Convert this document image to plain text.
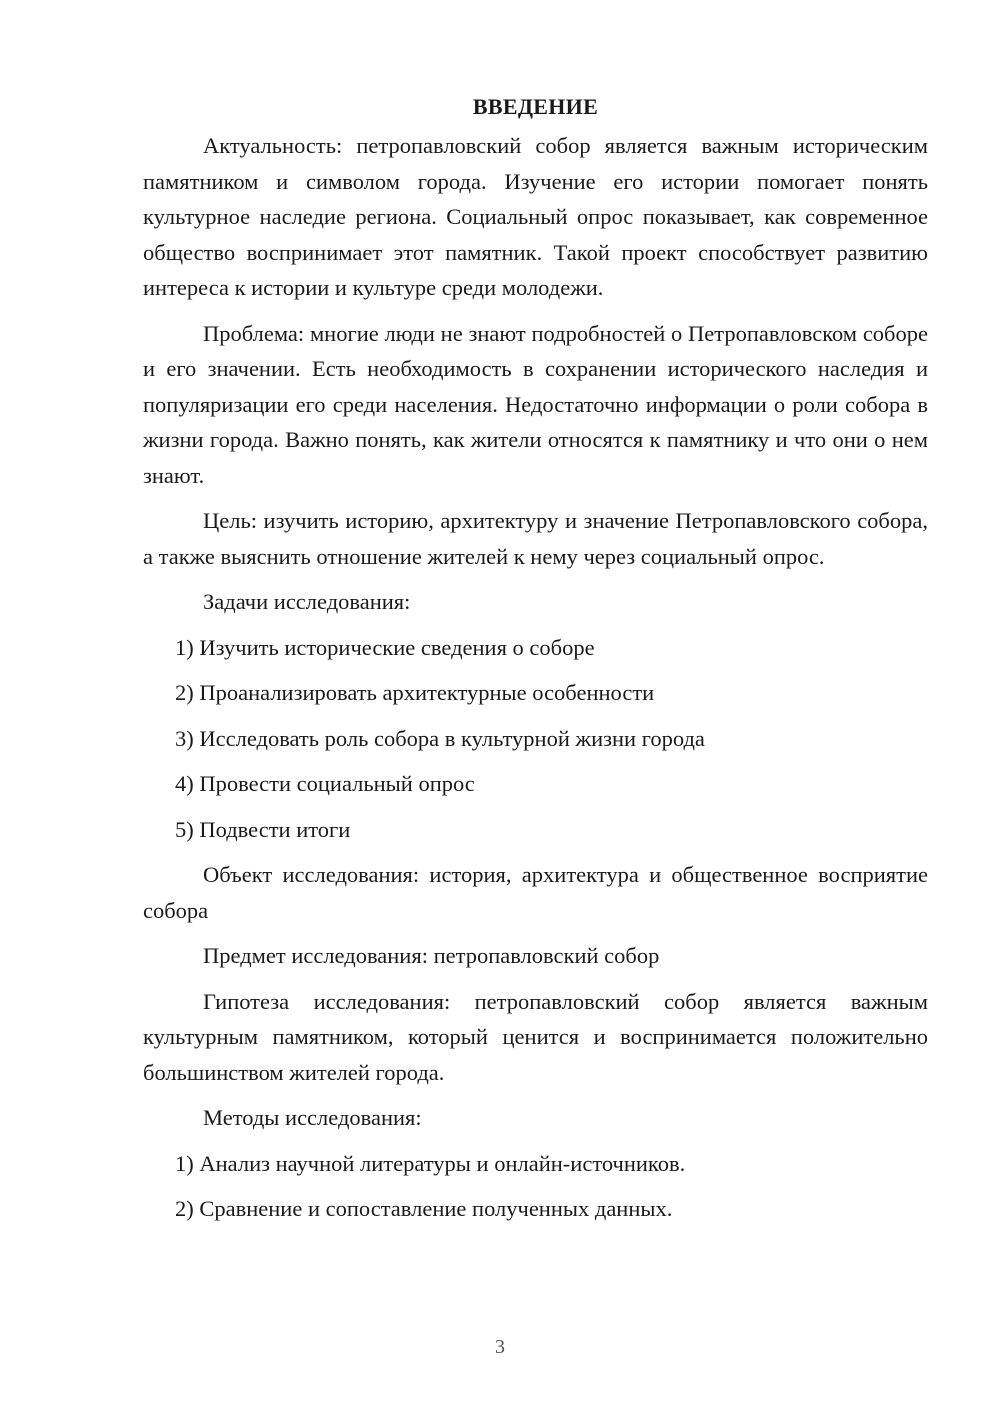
ВВЕДЕНИЕ

Актуальность: петропавловский собор является важным историческим памятником и символом города. Изучение его истории помогает понять культурное наследие региона. Социальный опрос показывает, как современное общество воспринимает этот памятник. Такой проект способствует развитию интереса к истории и культуре среди молодежи.

Проблема: многие люди не знают подробностей о Петропавловском соборе и его значении. Есть необходимость в сохранении исторического наследия и популяризации его среди населения. Недостаточно информации о роли собора в жизни города. Важно понять, как жители относятся к памятнику и что они о нем знают.

Цель: изучить историю, архитектуру и значение Петропавловского собора, а также выяснить отношение жителей к нему через социальный опрос.

Задачи исследования:
1) Изучить исторические сведения о соборе
2) Проанализировать архитектурные особенности
3) Исследовать роль собора в культурной жизни города
4) Провести социальный опрос
5) Подвести итоги

Объект исследования: история, архитектура и общественное восприятие собора

Предмет исследования: петропавловский собор

Гипотеза исследования: петропавловский собор является важным культурным памятником, который ценится и воспринимается положительно большинством жителей города.

Методы исследования:
1) Анализ научной литературы и онлайн-источников.
2) Сравнение и сопоставление полученных данных.
3
